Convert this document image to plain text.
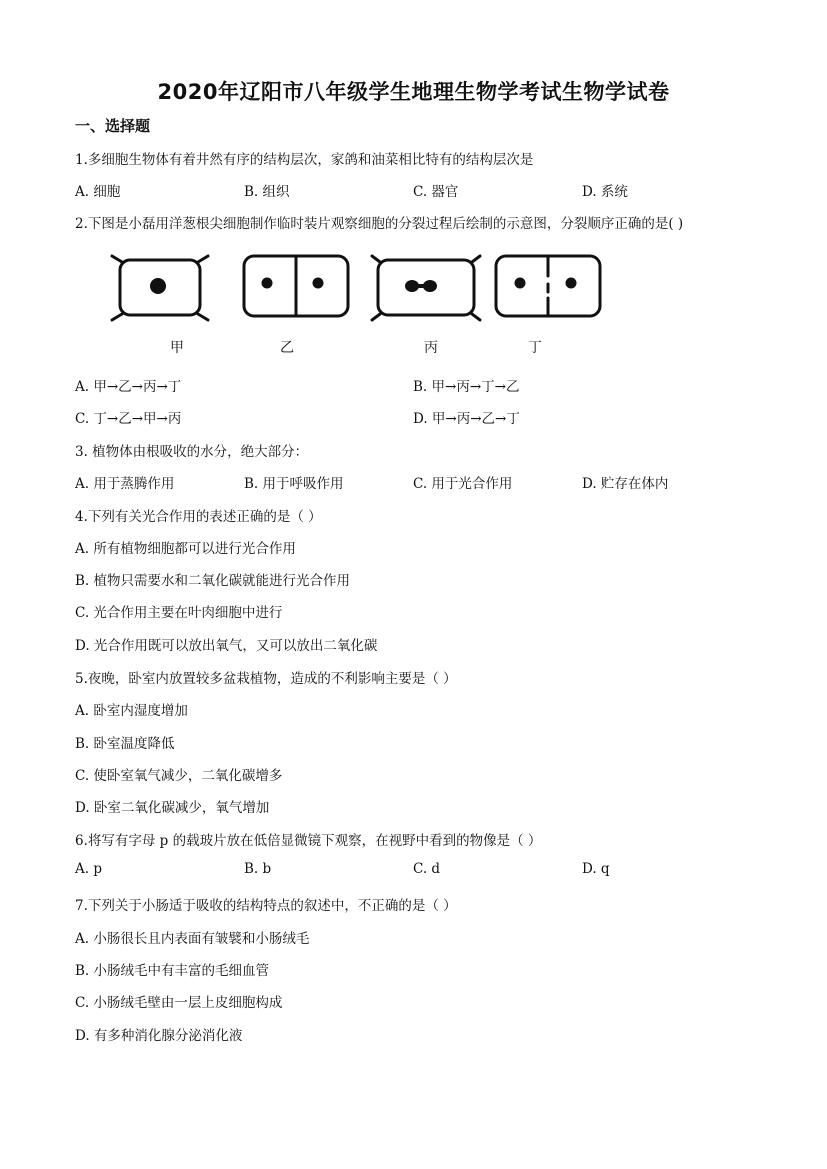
2020年辽阳市八年级学生地理生物学考试生物学试卷
一、选择题
1.多细胞生物体有着井然有序的结构层次，家鸽和油菜相比特有的结构层次是
A. 细胞	B. 组织	C. 器官	D. 系统
2.下图是小磊用洋葱根尖细胞制作临时装片观察细胞的分裂过程后绘制的示意图，分裂顺序正确的是( )
甲	乙	丙	丁
A. 甲→乙→丙→丁	B. 甲→丙→丁→乙
C. 丁→乙→甲→丙	D. 甲→丙→乙→丁
3. 植物体由根吸收的水分，绝大部分：
A. 用于蒸腾作用	B. 用于呼吸作用	C. 用于光合作用	D. 贮存在体内
4.下列有关光合作用的表述正确的是（ ）
A. 所有植物细胞都可以进行光合作用
B. 植物只需要水和二氧化碳就能进行光合作用
C. 光合作用主要在叶肉细胞中进行
D. 光合作用既可以放出氧气，又可以放出二氧化碳
5.夜晚，卧室内放置较多盆栽植物，造成的不利影响主要是（ ）
A. 卧室内湿度增加
B. 卧室温度降低
C. 使卧室氧气减少，二氧化碳增多
D. 卧室二氧化碳减少，氧气增加
6.将写有字母 p 的载玻片放在低倍显微镜下观察，在视野中看到的物像是（ ）
A. p	B. b	C. d	D. q
7.下列关于小肠适于吸收的结构特点的叙述中，不正确的是（ ）
A. 小肠很长且内表面有皱襞和小肠绒毛
B. 小肠绒毛中有丰富的毛细血管
C. 小肠绒毛壁由一层上皮细胞构成
D. 有多种消化腺分泌消化液
